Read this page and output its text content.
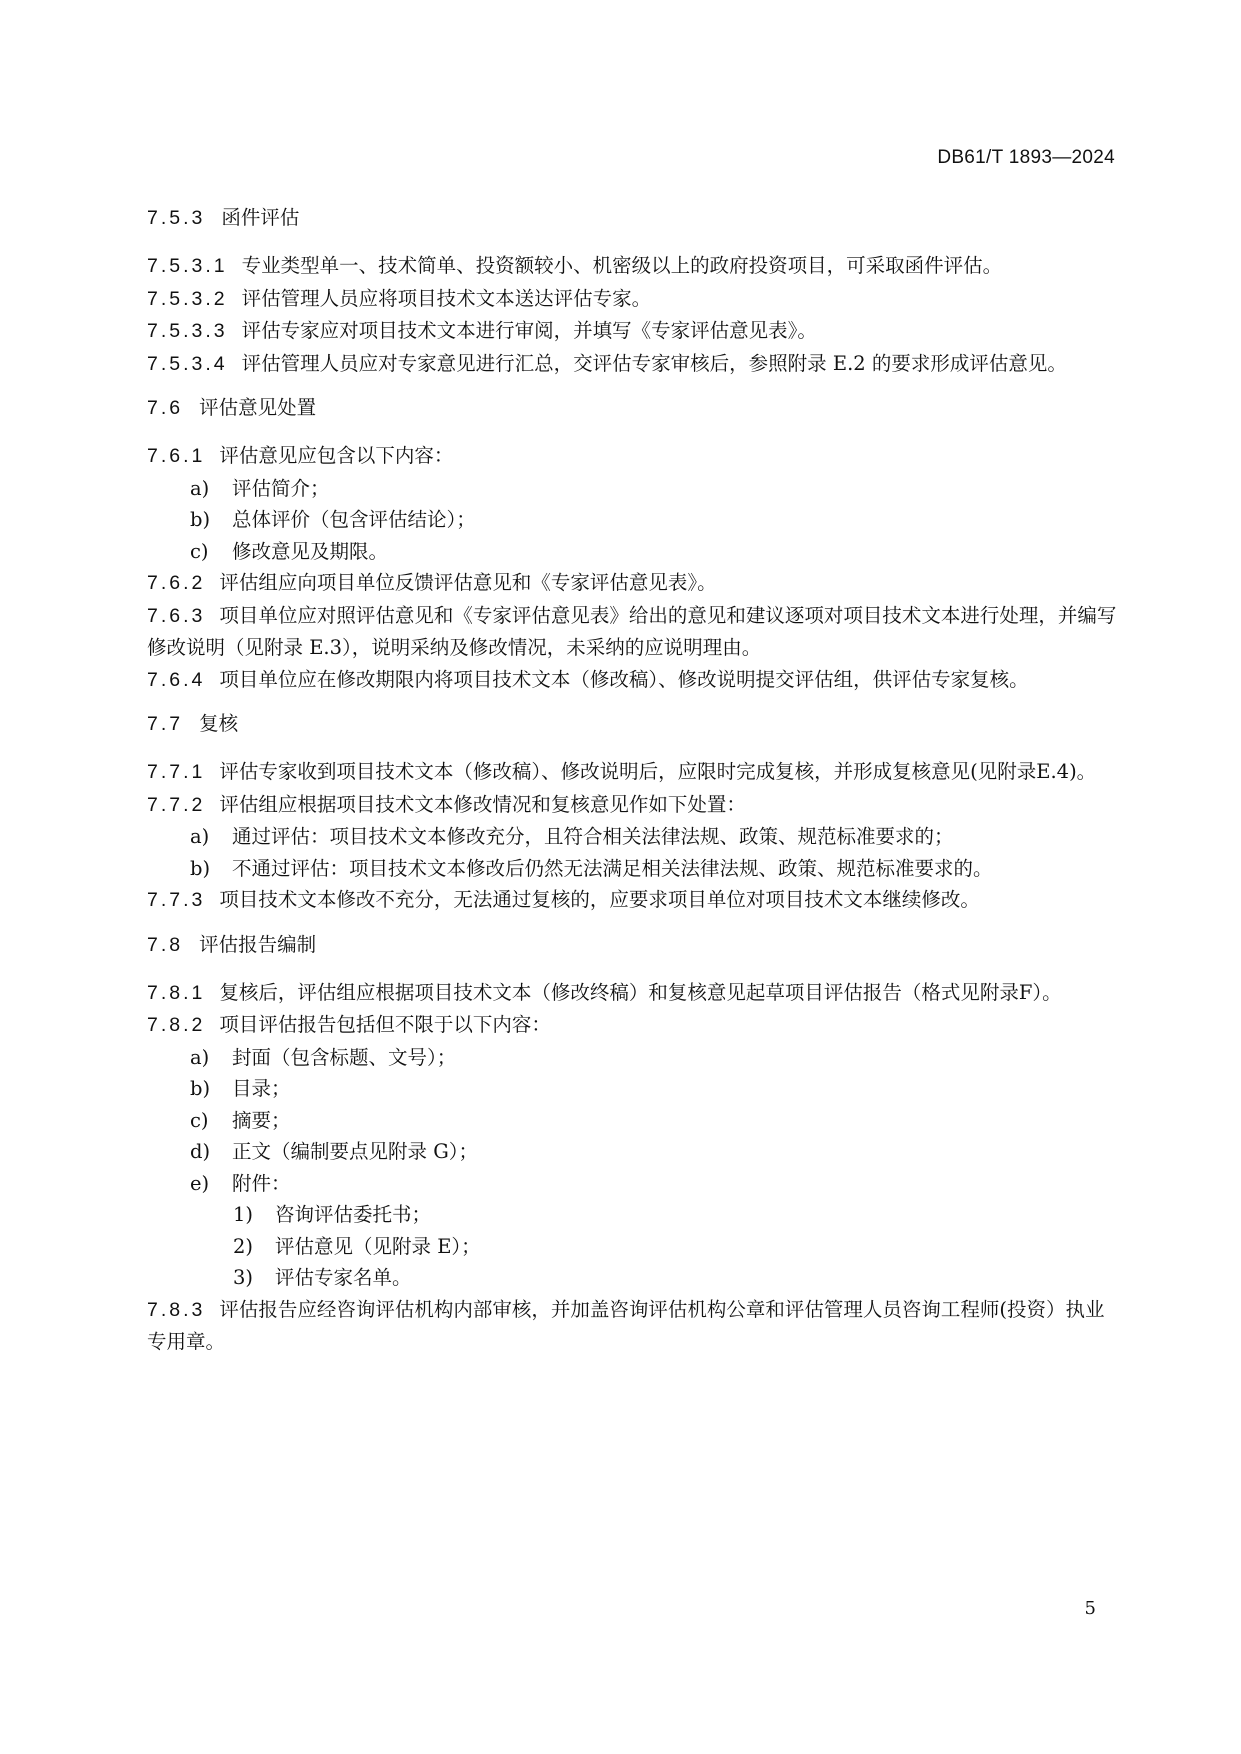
DB61/T 1893—2024
7.5.3 函件评估
7.5.3.1 专业类型单一、技术简单、投资额较小、机密级以上的政府投资项目，可采取函件评估。
7.5.3.2 评估管理人员应将项目技术文本送达评估专家。
7.5.3.3 评估专家应对项目技术文本进行审阅，并填写《专家评估意见表》。
7.5.3.4 评估管理人员应对专家意见进行汇总，交评估专家审核后，参照附录 E.2 的要求形成评估意见。
7.6 评估意见处置
7.6.1 评估意见应包含以下内容：
a)	评估简介；
b)	总体评价（包含评估结论）；
c)	修改意见及期限。
7.6.2 评估组应向项目单位反馈评估意见和《专家评估意见表》。
7.6.3 项目单位应对照评估意见和《专家评估意见表》给出的意见和建议逐项对项目技术文本进行处理，并编写修改说明（见附录 E.3），说明采纳及修改情况，未采纳的应说明理由。
7.6.4 项目单位应在修改期限内将项目技术文本（修改稿）、修改说明提交评估组，供评估专家复核。
7.7 复核
7.7.1 评估专家收到项目技术文本（修改稿）、修改说明后，应限时完成复核，并形成复核意见(见附录E.4)。
7.7.2 评估组应根据项目技术文本修改情况和复核意见作如下处置：
a)	通过评估：项目技术文本修改充分，且符合相关法律法规、政策、规范标准要求的；
b)	不通过评估：项目技术文本修改后仍然无法满足相关法律法规、政策、规范标准要求的。
7.7.3 项目技术文本修改不充分，无法通过复核的，应要求项目单位对项目技术文本继续修改。
7.8 评估报告编制
7.8.1 复核后，评估组应根据项目技术文本（修改终稿）和复核意见起草项目评估报告（格式见附录F）。
7.8.2 项目评估报告包括但不限于以下内容：
a)	封面（包含标题、文号）；
b)	目录；
c)	摘要；
d)	正文（编制要点见附录 G）；
e)	附件：
1)	咨询评估委托书；
2)	评估意见（见附录 E）；
3)	评估专家名单。
7.8.3 评估报告应经咨询评估机构内部审核，并加盖咨询评估机构公章和评估管理人员咨询工程师(投资）执业专用章。
5
